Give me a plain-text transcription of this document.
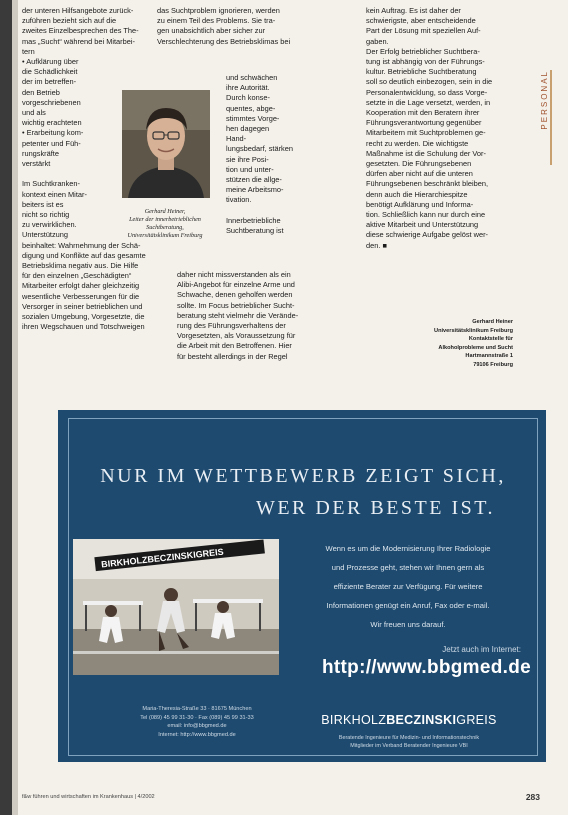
der unteren Hilfsangebote zurück-
zuführen bezieht sich auf die
zweites Einzelbesprechen des The-
mas „Sucht“ während bei Mitarbei-
tern
• Aufklärung über
die Schädlichkeit
der im betreffen-
den Betrieb
vorgeschriebenen
und als
wichtig erachteten
• Erarbeitung kom-
petenter und Füh-
rungskräfte
verstärkt

Im Suchtkranken-
kontext einen Mitar-
beiters ist es
nicht so richtig
zu verwirklichen.
Unterstützung
beinhaltet: Wahrnehmung der Schä-
digung und Konflikte auf das gesamte
Betriebsklima negativ aus. Die Hilfe
für den einzelnen „Geschädigten“
Mitarbeiter erfolgt daher gleichzeitig
wesentliche Verbesserungen für die
Versorger in seiner betrieblichen und
sozialen Umgebung, Vorgesetzte, die
ihren Wegschauen und Totschweigen
das Suchtproblem ignorieren, werden
zu einem Teil des Problems. Sie tra-
gen unabsichtlich aber sicher zur
Verschlechterung des Betriebsklimas bei
Gerhard Heiner,
Leiter der innerbetrieblichen
Suchtberatung,
Universitätsklinikum Freiburg
und schwächen
ihre Autorität.
Durch konse-
quentes, abge-
stimmtes Vorge-
hen dagegen
Hand-
lungsbedarf, stärken
sie ihre Posi-
tion und unter-
stützen die allge-
meine Arbeitsmo-
tivation.

Innerbetriebliche
Suchtberatung ist
daher nicht missverstanden als ein
Alibi-Angebot für einzelne Arme und
Schwache, denen geholfen werden
sollte. Im Focus betrieblicher Sucht-
beratung steht vielmehr die Verände-
rung des Führungsverhaltens der
Vorgesetzten, als Voraussetzung für
die Arbeit mit den Betroffenen. Hier
für besteht allerdings in der Regel
kein Auftrag. Es ist daher der
schwierigste, aber entscheidende
Part der Lösung mit speziellen Auf-
gaben.
Der Erfolg betrieblicher Suchtbera-
tung ist abhängig von der Führungs-
kultur. Betriebliche Suchtberatung
soll so deutlich einbezogen, sein in die
Personalentwicklung, so dass Vorge-
setzte in die Lage versetzt, werden, in
Kooperation mit den Beratern ihrer
Führungsverantwortung gegenüber
Mitarbeitern mit Suchtproblemen ge-
recht zu werden. Die wichtigste
Maßnahme ist die Schulung der Vor-
gesetzten. Die Führungsebenen
dürfen aber nicht auf die unteren
Führungsebenen beschränkt bleiben,
denn auch die Hierarchiespitze
benötigt Aufklärung und Informa-
tion. Schließlich kann nur durch eine
aktive Mitarbeit und Unterstützung
diese schwierige Aufgabe gelöst wer-
den. ■
Gerhard Heiner
Universitätsklinikum Freiburg
Kontaktstelle für
Alkoholprobleme und Sucht
Hartmannstraße 1
79106 Freiburg
PERSONAL
NUR IM WETTBEWERB ZEIGT SICH,
WER DER BESTE IST.
BIRKHOLZBECZINSKIGREIS	Wenn es um die Modernisierung Ihrer Radiologie
und Prozesse geht, stehen wir Ihnen gern als
effiziente Berater zur Verfügung. Für weitere
Informationen genügt ein Anruf, Fax oder e-mail.
Wir freuen uns darauf.
Jetzt auch im Internet:
http://www.bbgmed.de
Maria-Theresia-Straße 33 · 81675 München
Tel (089) 45 99 31-30 · Fax (089) 45 99 31-33
email: info@bbgmed.de
Internet: http://www.bbgmed.de
BIRKHOLZBECZINSKIGREIS
Beratende Ingenieure für Medizin- und Informationstechnik
Mitglieder im Verband Beratender Ingenieure VBI
f&w führen und wirtschaften im Krankenhaus | 4/2002	283
